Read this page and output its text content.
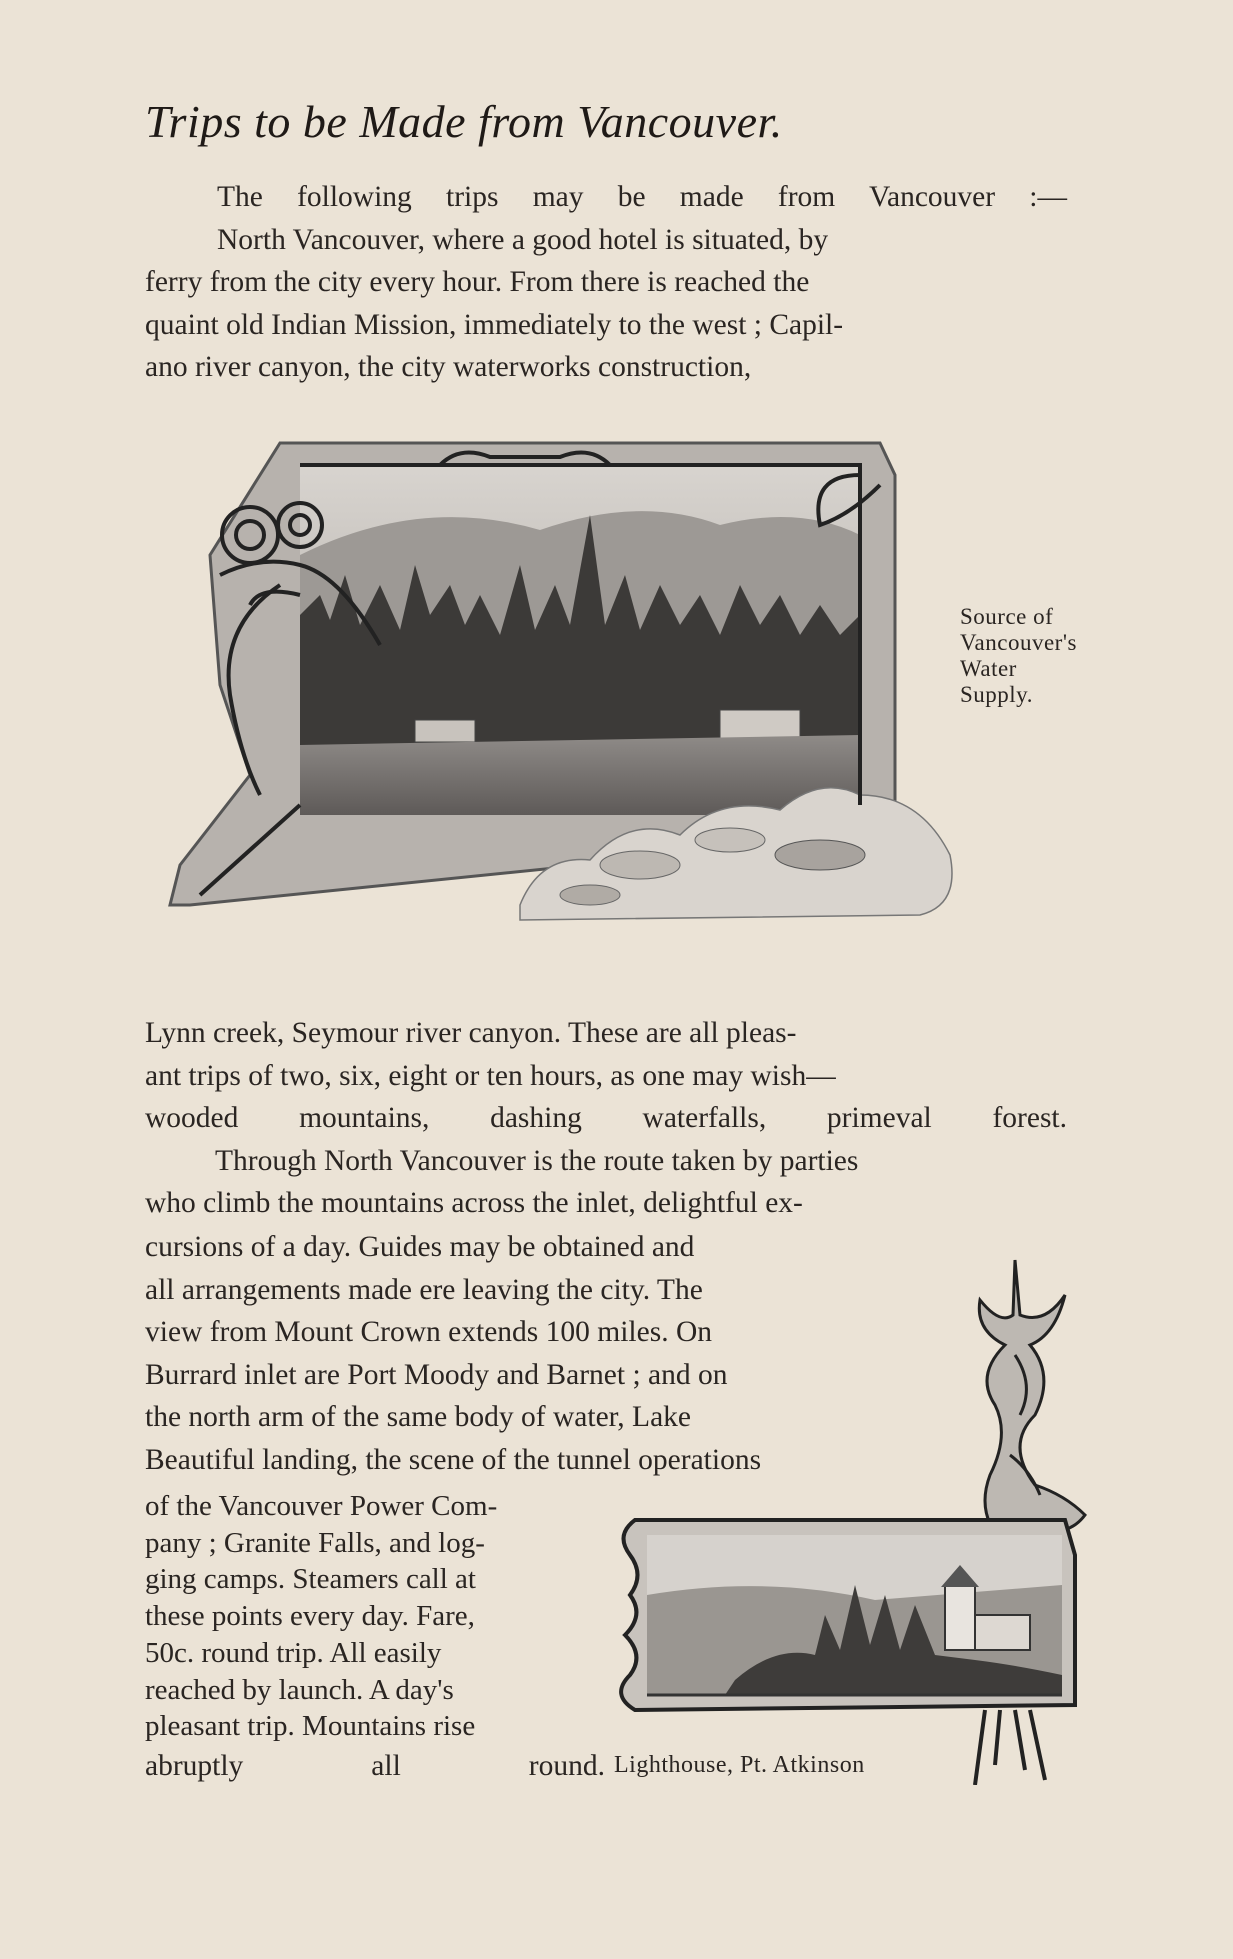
Trips to be Made from Vancouver.
The following trips may be made from Vancouver :—
North Vancouver, where a good hotel is situated, by
ferry from the city every hour. From there is reached the
quaint old Indian Mission, immediately to the west ; Capil-
ano river canyon, the city waterworks construction,
Source of
Vancouver's
Water
Supply.
Lynn creek, Seymour river canyon. These are all pleas-
ant trips of two, six, eight or ten hours, as one may wish—
wooded mountains, dashing waterfalls, primeval forest.
Through North Vancouver is the route taken by parties
who climb the mountains across the inlet, delightful ex-
cursions of a day. Guides may be obtained and
all arrangements made ere leaving the city. The
view from Mount Crown extends 100 miles. On
Burrard inlet are Port Moody and Barnet ; and on
the north arm of the same body of water, Lake
Beautiful landing, the scene of the tunnel operations
of the Vancouver Power Com-
pany ; Granite Falls, and log-
ging camps. Steamers call at
these points every day. Fare,
50c. round trip. All easily
reached by launch. A day's
pleasant trip. Mountains rise
abruptly all round. Lighthouse, Pt. Atkinson
